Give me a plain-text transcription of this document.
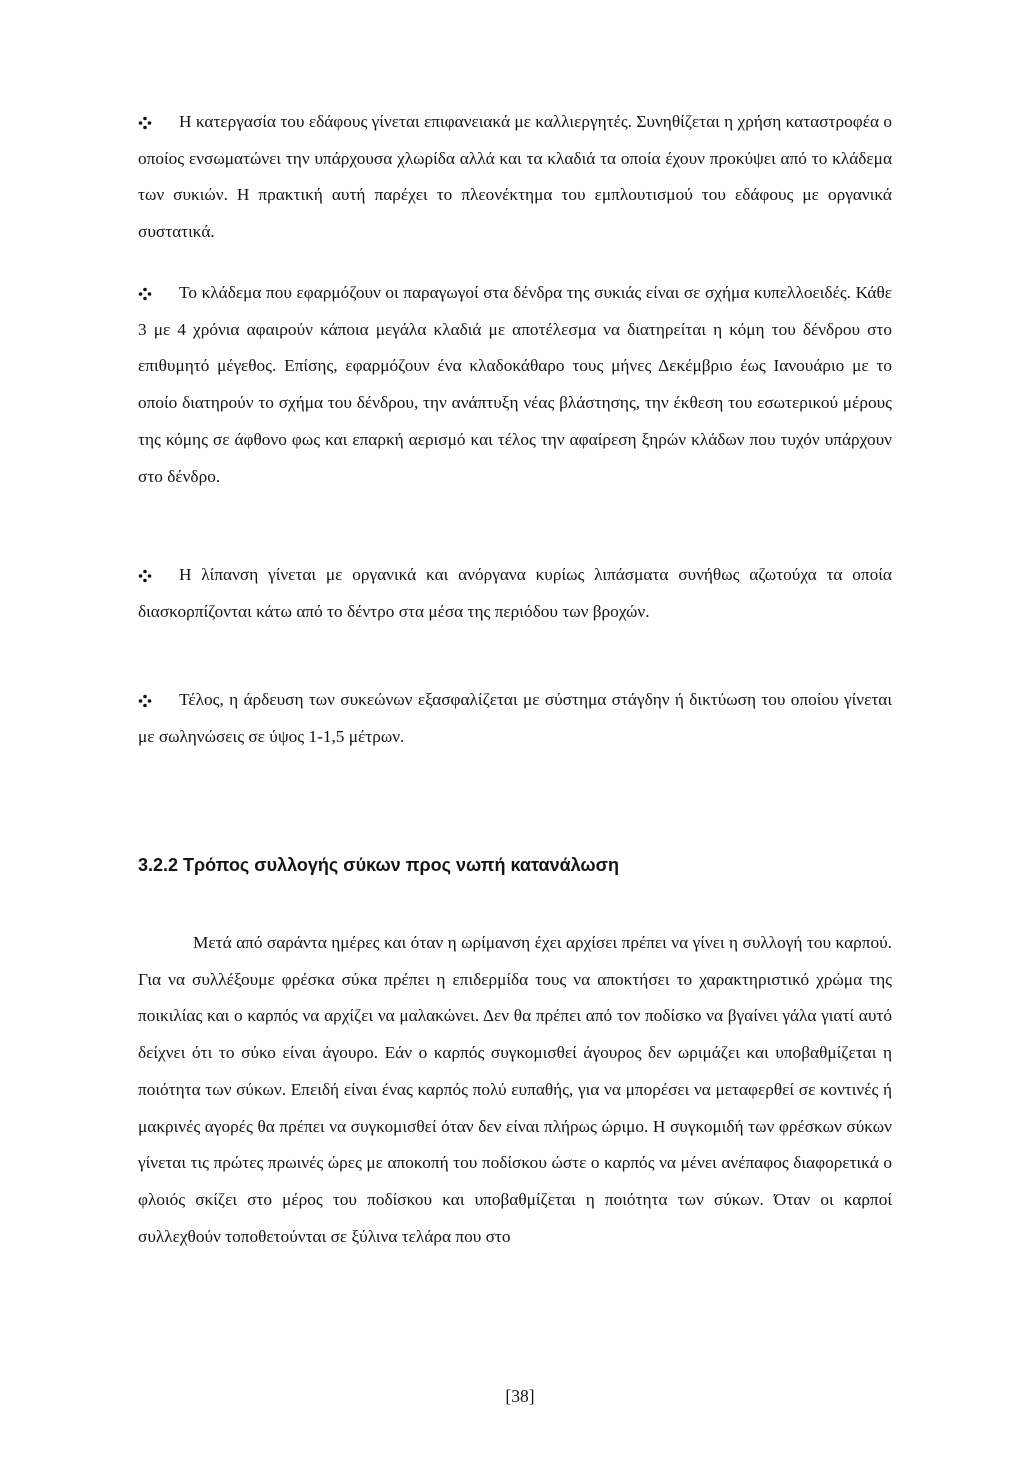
Η κατεργασία του εδάφους γίνεται επιφανειακά με καλλιεργητές. Συνηθίζεται η χρήση καταστροφέα ο οποίος ενσωματώνει την υπάρχουσα χλωρίδα αλλά και τα κλαδιά τα οποία έχουν προκύψει από το κλάδεμα των συκιών. Η πρακτική αυτή παρέχει το πλεονέκτημα του εμπλουτισμού του εδάφους με οργανικά συστατικά.

Το κλάδεμα που εφαρμόζουν οι παραγωγοί στα δένδρα της συκιάς είναι σε σχήμα κυπελλοειδές. Κάθε 3 με 4 χρόνια αφαιρούν κάποια μεγάλα κλαδιά με αποτέλεσμα να διατηρείται η κόμη του δένδρου στο επιθυμητό μέγεθος. Επίσης, εφαρμόζουν ένα κλαδοκάθαρο τους μήνες Δεκέμβριο έως Ιανουάριο με το οποίο διατηρούν το σχήμα του δένδρου, την ανάπτυξη νέας βλάστησης, την έκθεση του εσωτερικού μέρους της κόμης σε άφθονο φως και επαρκή αερισμό και τέλος την αφαίρεση ξηρών κλάδων που τυχόν υπάρχουν στο δένδρο.

Η λίπανση γίνεται με οργανικά και ανόργανα κυρίως λιπάσματα συνήθως αζωτούχα τα οποία διασκορπίζονται κάτω από το δέντρο στα μέσα της περιόδου των βροχών.

Τέλος, η άρδευση των συκεώνων εξασφαλίζεται με σύστημα στάγδην ή δικτύωση του οποίου γίνεται με σωληνώσεις σε ύψος 1-1,5 μέτρων.

3.2.2 Τρόπος συλλογής σύκων προς νωπή κατανάλωση

Μετά από σαράντα ημέρες και όταν η ωρίμανση έχει αρχίσει πρέπει να γίνει η συλλογή του καρπού. Για να συλλέξουμε φρέσκα σύκα πρέπει η επιδερμίδα τους να αποκτήσει το χαρακτηριστικό χρώμα της ποικιλίας και ο καρπός να αρχίζει να μαλακώνει. Δεν θα πρέπει από τον ποδίσκο να βγαίνει γάλα γιατί αυτό δείχνει ότι το σύκο είναι άγουρο. Εάν ο καρπός συγκομισθεί άγουρος δεν ωριμάζει και υποβαθμίζεται η ποιότητα των σύκων. Επειδή είναι ένας καρπός πολύ ευπαθής, για να μπορέσει να μεταφερθεί σε κοντινές ή μακρινές αγορές θα πρέπει να συγκομισθεί όταν δεν είναι πλήρως ώριμο. Η συγκομιδή των φρέσκων σύκων γίνεται τις πρώτες πρωινές ώρες με αποκοπή του ποδίσκου ώστε ο καρπός να μένει ανέπαφος διαφορετικά ο φλοιός σκίζει στο μέρος του ποδίσκου και υποβαθμίζεται η ποιότητα των σύκων. Όταν οι καρποί συλλεχθούν τοποθετούνται σε ξύλινα τελάρα που στο

[38]
